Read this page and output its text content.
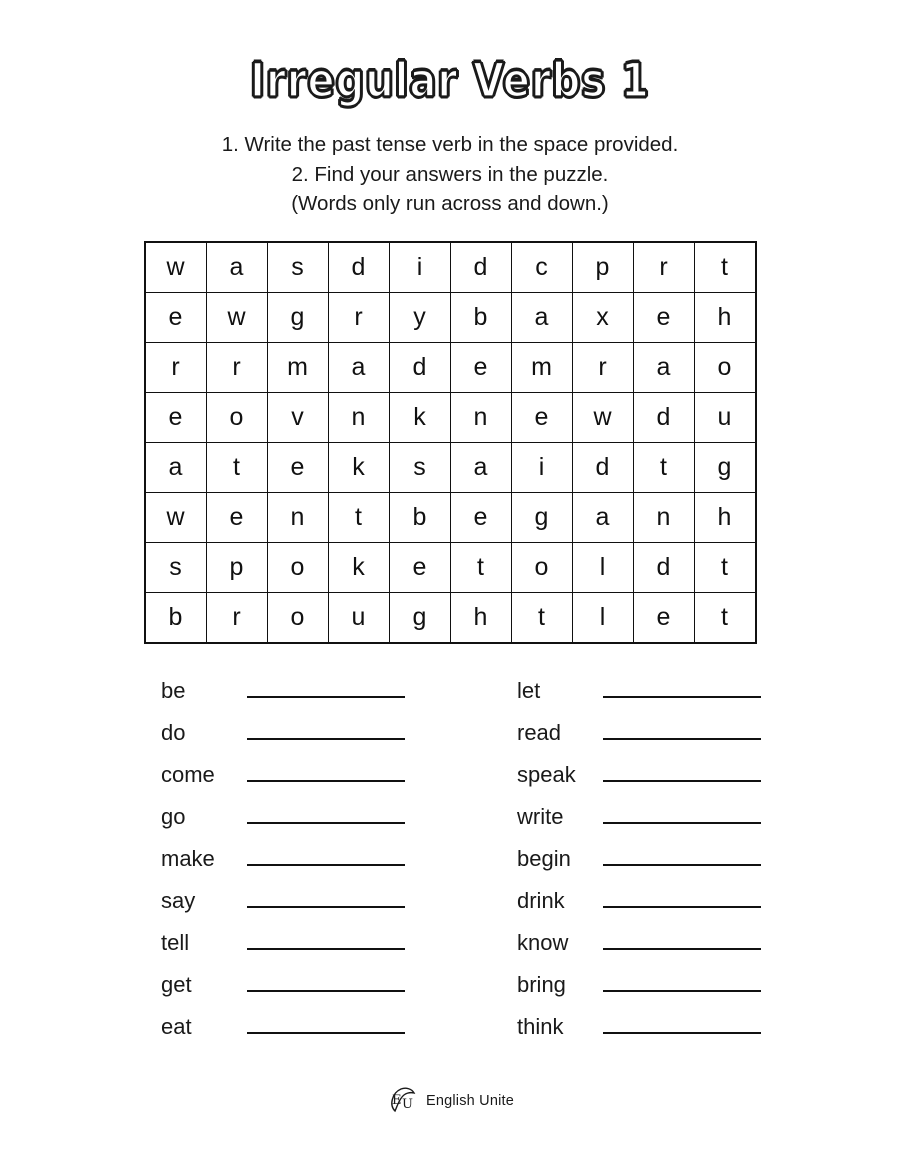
Irregular Verbs 1
1. Write the past tense verb in the space provided.
2. Find your answers in the puzzle.
(Words only run across and down.)
w	a	s	d	i	d	c	p	r	t
e	w	g	r	y	b	a	x	e	h
r	r	m	a	d	e	m	r	a	o
e	o	v	n	k	n	e	w	d	u
a	t	e	k	s	a	i	d	t	g
w	e	n	t	b	e	g	a	n	h
s	p	o	k	e	t	o	l	d	t
b	r	o	u	g	h	t	l	e	t
be
do
come
go
make
say
tell
get
eat
let
read
speak
write
begin
drink
know
bring
think
E U English Unite
